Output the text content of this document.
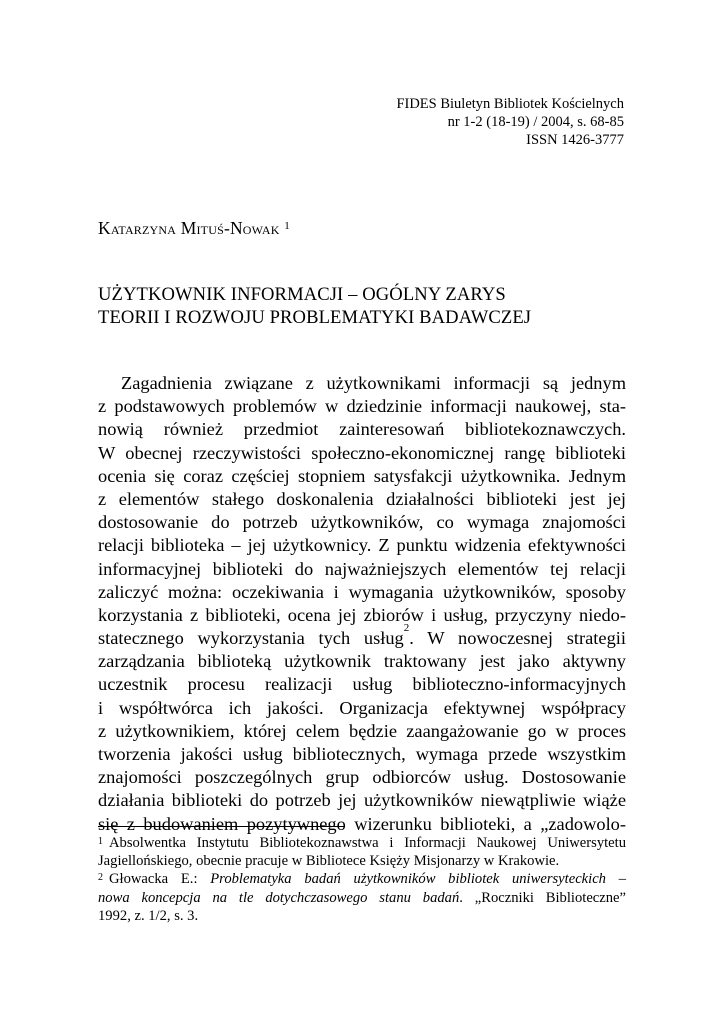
FIDES Biuletyn Bibliotek Kościelnych
nr 1-2 (18-19) / 2004, s. 68-85
ISSN 1426-3777
Katarzyna Mituś-Nowak $^1$
UŻYTKOWNIK INFORMACJI – OGÓLNY ZARYS
TEORII I ROZWOJU PROBLEMATYKI BADAWCZEJ
Zagadnienia związane z użytkownikami informacji są jednym
z podstawowych problemów w dziedzinie informacji naukowej, sta-
nowią również przedmiot zainteresowań bibliotekoznawczych.
W obecnej rzeczywistości społeczno-ekonomicznej rangę biblioteki
ocenia się coraz częściej stopniem satysfakcji użytkownika. Jednym
z elementów stałego doskonalenia działalności biblioteki jest jej
dostosowanie do potrzeb użytkowników, co wymaga znajomości
relacji biblioteka – jej użytkownicy. Z punktu widzenia efektywności
informacyjnej biblioteki do najważniejszych elementów tej relacji
zaliczyć można: oczekiwania i wymagania użytkowników, sposoby
korzystania z biblioteki, ocena jej zbiorów i usług, przyczyny niedo-
statecznego wykorzystania tych usług$^2$. W nowoczesnej strategii
zarządzania biblioteką użytkownik traktowany jest jako aktywny
uczestnik procesu realizacji usług biblioteczno-informacyjnych
i współtwórca ich jakości. Organizacja efektywnej współpracy
z użytkownikiem, której celem będzie zaangażowanie go w proces
tworzenia jakości usług bibliotecznych, wymaga przede wszystkim
znajomości poszczególnych grup odbiorców usług. Dostosowanie
działania biblioteki do potrzeb jej użytkowników niewątpliwie wiąże
się z budowaniem pozytywnego wizerunku biblioteki, a „zadowolo-
$^1$ Absolwentka Instytutu Bibliotekoznawstwa i Informacji Naukowej Uniwersytetu
Jagiellońskiego, obecnie pracuje w Bibliotece Księży Misjonarzy w Krakowie.
$^2$ Głowacka E.: Problematyka badań użytkowników bibliotek uniwersyteckich –
nowa koncepcja na tle dotychczasowego stanu badań. „Roczniki Biblioteczne”
1992, z. 1/2, s. 3.
